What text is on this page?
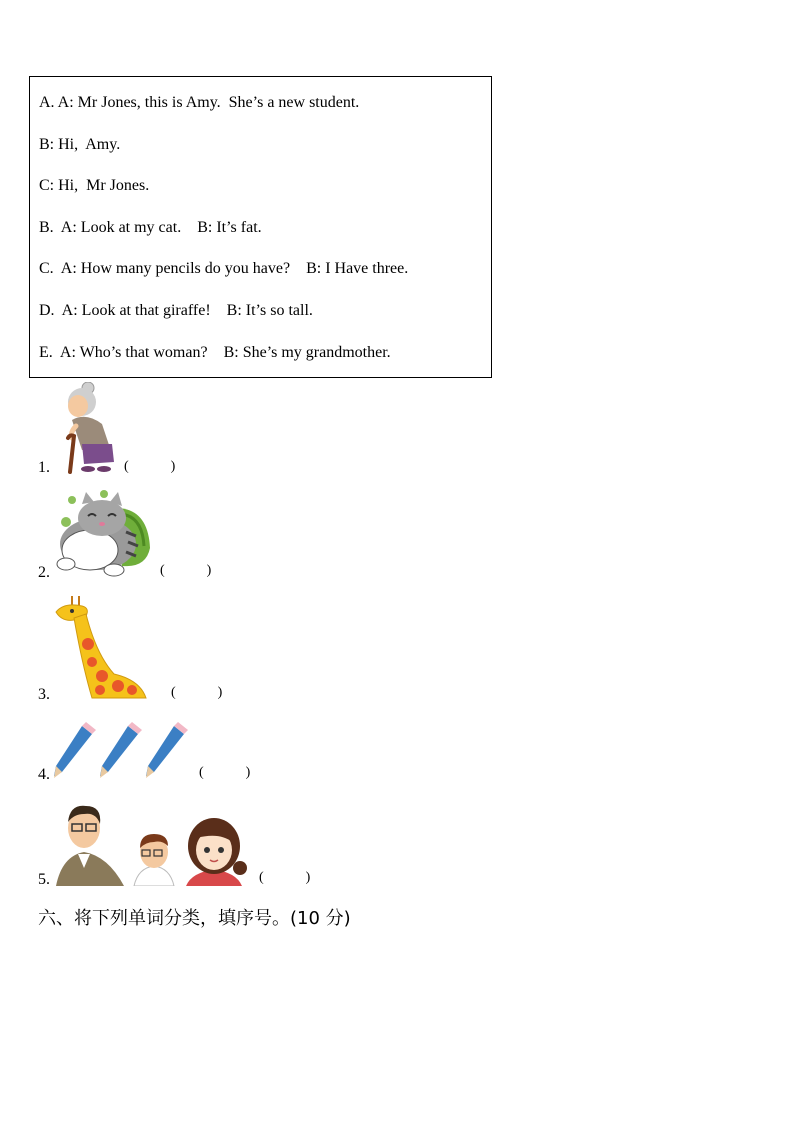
A. A: Mr Jones, this is Amy.  She’s a new student.
B: Hi,  Amy.
C: Hi,  Mr Jones.
B.  A: Look at my cat.    B: It’s fat.
C.  A: How many pencils do you have?    B: I Have three.
D.  A: Look at that giraffe!    B: It’s so tall.
E.  A: Who’s that woman?    B: She’s my grandmother.
1.	(            )
2.	(            )
3.	(            )
4.	(            )
5.	(            )
六、将下列单词分类，填序号。(10 分)
